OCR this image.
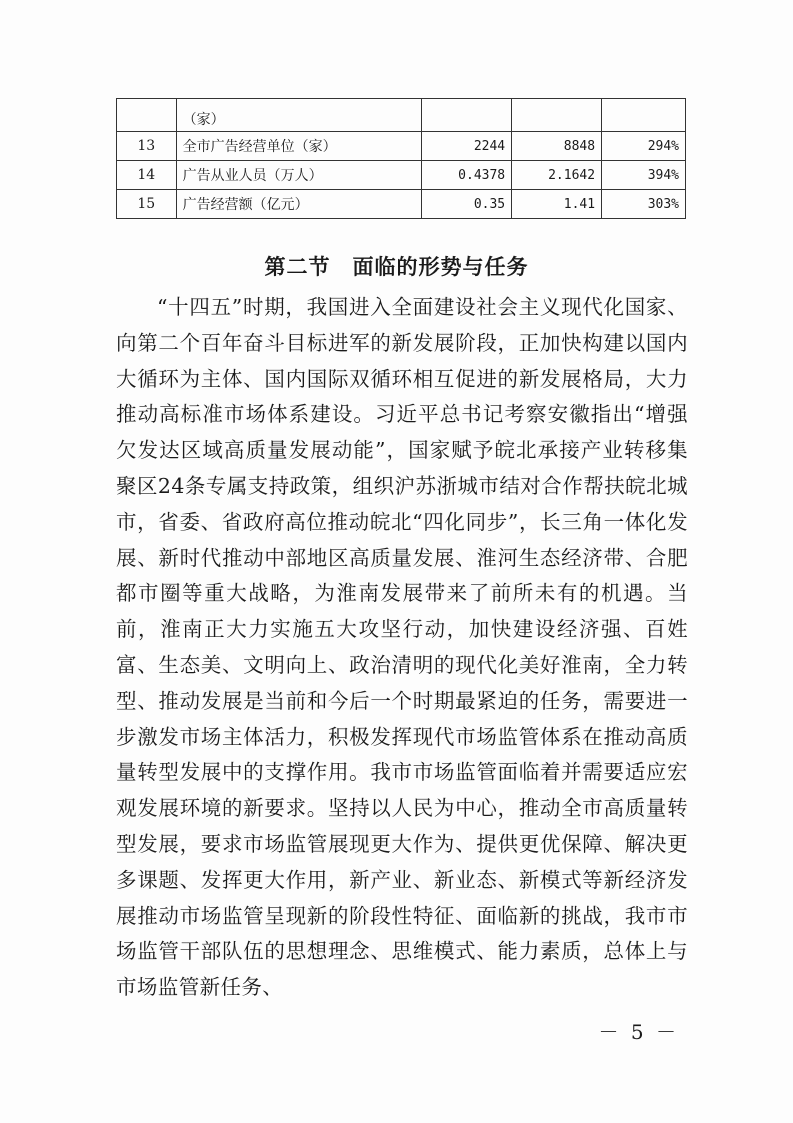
	（家）			
13	全市广告经营单位（家）	2244	8848	294%
14	广告从业人员（万人）	0.4378	2.1642	394%
15	广告经营额（亿元）	0.35	1.41	303%
第二节　面临的形势与任务

“十四五”时期，我国进入全面建设社会主义现代化国家、向第二个百年奋斗目标进军的新发展阶段，正加快构建以国内大循环为主体、国内国际双循环相互促进的新发展格局，大力推动高标准市场体系建设。习近平总书记考察安徽指出“增强欠发达区域高质量发展动能”，国家赋予皖北承接产业转移集聚区24条专属支持政策，组织沪苏浙城市结对合作帮扶皖北城市，省委、省政府高位推动皖北“四化同步”，长三角一体化发展、新时代推动中部地区高质量发展、淮河生态经济带、合肥都市圈等重大战略，为淮南发展带来了前所未有的机遇。当前，淮南正大力实施五大攻坚行动，加快建设经济强、百姓富、生态美、文明向上、政治清明的现代化美好淮南，全力转型、推动发展是当前和今后一个时期最紧迫的任务，需要进一步激发市场主体活力，积极发挥现代市场监管体系在推动高质量转型发展中的支撑作用。我市市场监管面临着并需要适应宏观发展环境的新要求。坚持以人民为中心，推动全市高质量转型发展，要求市场监管展现更大作为、提供更优保障、解决更多课题、发挥更大作用，新产业、新业态、新模式等新经济发展推动市场监管呈现新的阶段性特征、面临新的挑战，我市市场监管干部队伍的思想理念、思维模式、能力素质，总体上与市场监管新任务、

－ 5 －
